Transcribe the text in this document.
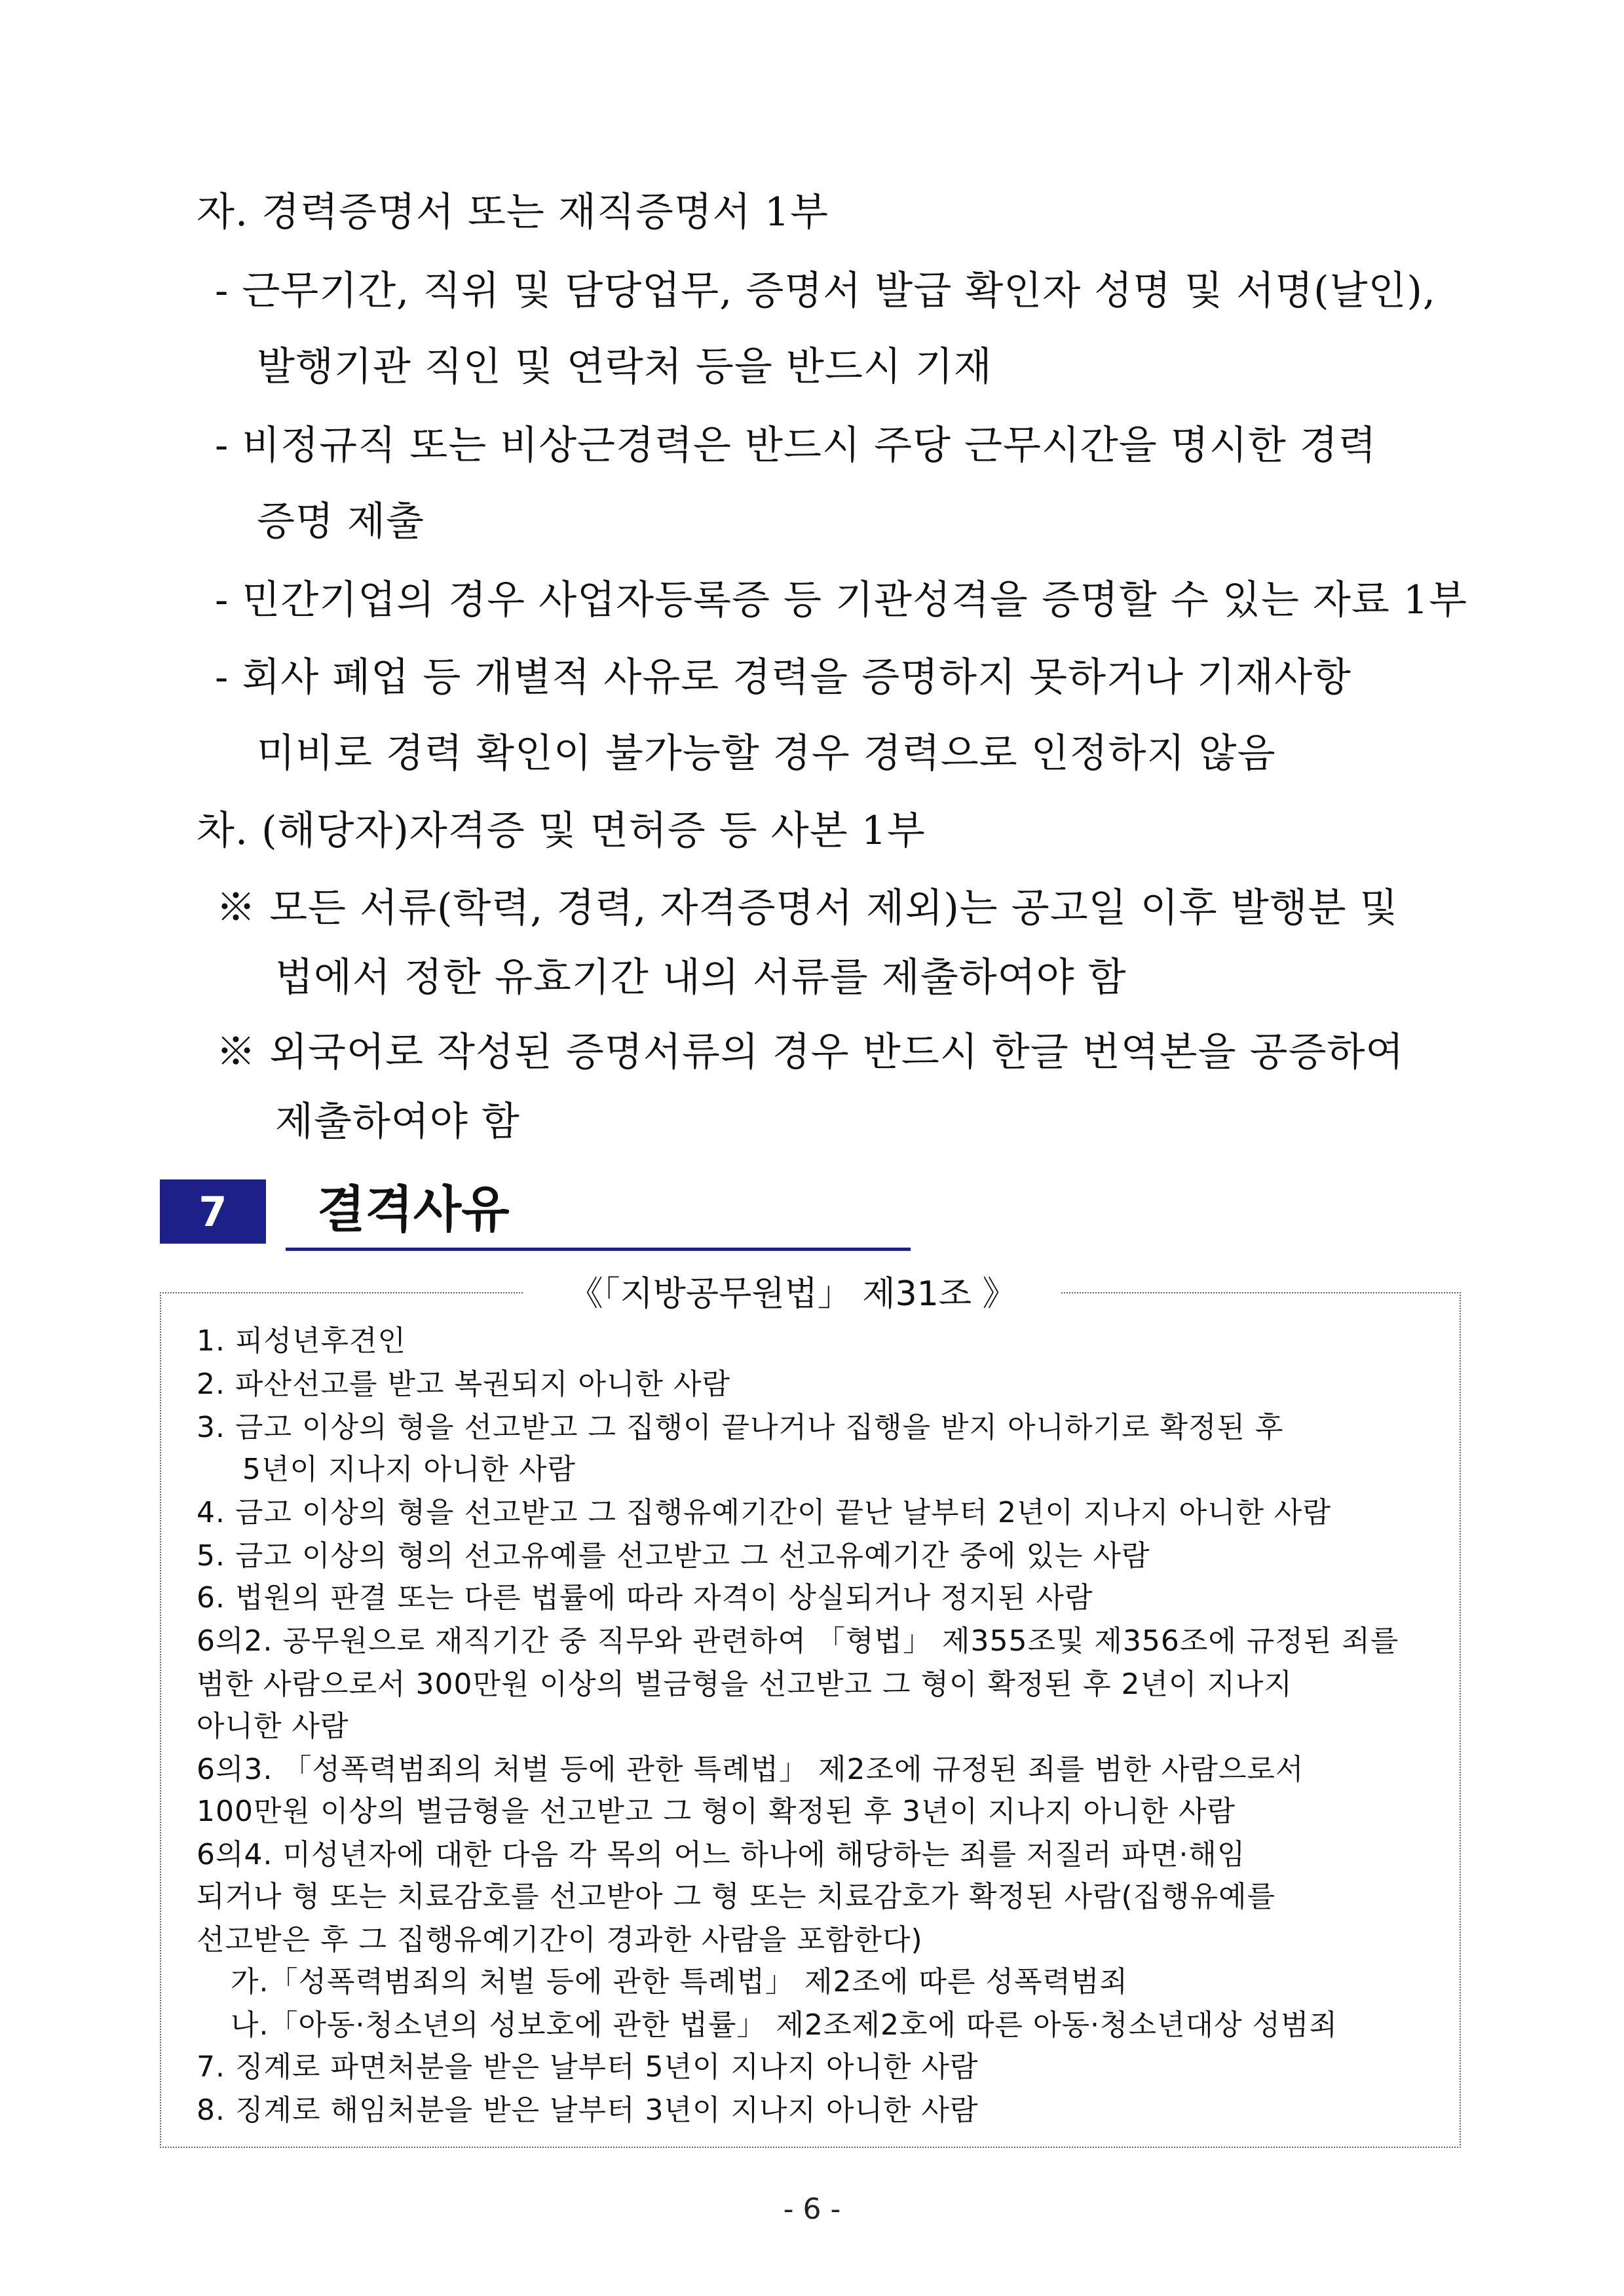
자. 경력증명서 또는 재직증명서 1부
- 근무기간, 직위 및 담당업무, 증명서 발급 확인자 성명 및 서명(날인),
발행기관 직인 및 연락처 등을 반드시 기재
- 비정규직 또는 비상근경력은 반드시 주당 근무시간을 명시한 경력
증명 제출
- 민간기업의 경우 사업자등록증 등 기관성격을 증명할 수 있는 자료 1부
- 회사 폐업 등 개별적 사유로 경력을 증명하지 못하거나 기재사항
미비로 경력 확인이 불가능할 경우 경력으로 인정하지 않음
차. (해당자)자격증 및 면허증 등 사본 1부
※ 모든 서류(학력, 경력, 자격증명서 제외)는 공고일 이후 발행분 및
법에서 정한 유효기간 내의 서류를 제출하여야 함
※ 외국어로 작성된 증명서류의 경우 반드시 한글 번역본을 공증하여
제출하여야 함
7	결격사유
《「지방공무원법」 제31조 》
1. 피성년후견인
2. 파산선고를 받고 복권되지 아니한 사람
3. 금고 이상의 형을 선고받고 그 집행이 끝나거나 집행을 받지 아니하기로 확정된 후
5년이 지나지 아니한 사람
4. 금고 이상의 형을 선고받고 그 집행유예기간이 끝난 날부터 2년이 지나지 아니한 사람
5. 금고 이상의 형의 선고유예를 선고받고 그 선고유예기간 중에 있는 사람
6. 법원의 판결 또는 다른 법률에 따라 자격이 상실되거나 정지된 사람
6의2. 공무원으로 재직기간 중 직무와 관련하여 「형법」 제355조및 제356조에 규정된 죄를
범한 사람으로서 300만원 이상의 벌금형을 선고받고 그 형이 확정된 후 2년이 지나지
아니한 사람
6의3. 「성폭력범죄의 처벌 등에 관한 특례법」 제2조에 규정된 죄를 범한 사람으로서
100만원 이상의 벌금형을 선고받고 그 형이 확정된 후 3년이 지나지 아니한 사람
6의4. 미성년자에 대한 다음 각 목의 어느 하나에 해당하는 죄를 저질러 파면·해임
되거나 형 또는 치료감호를 선고받아 그 형 또는 치료감호가 확정된 사람(집행유예를
선고받은 후 그 집행유예기간이 경과한 사람을 포함한다)
가.「성폭력범죄의 처벌 등에 관한 특례법」 제2조에 따른 성폭력범죄
나.「아동·청소년의 성보호에 관한 법률」 제2조제2호에 따른 아동·청소년대상 성범죄
7. 징계로 파면처분을 받은 날부터 5년이 지나지 아니한 사람
8. 징계로 해임처분을 받은 날부터 3년이 지나지 아니한 사람
- 6 -
